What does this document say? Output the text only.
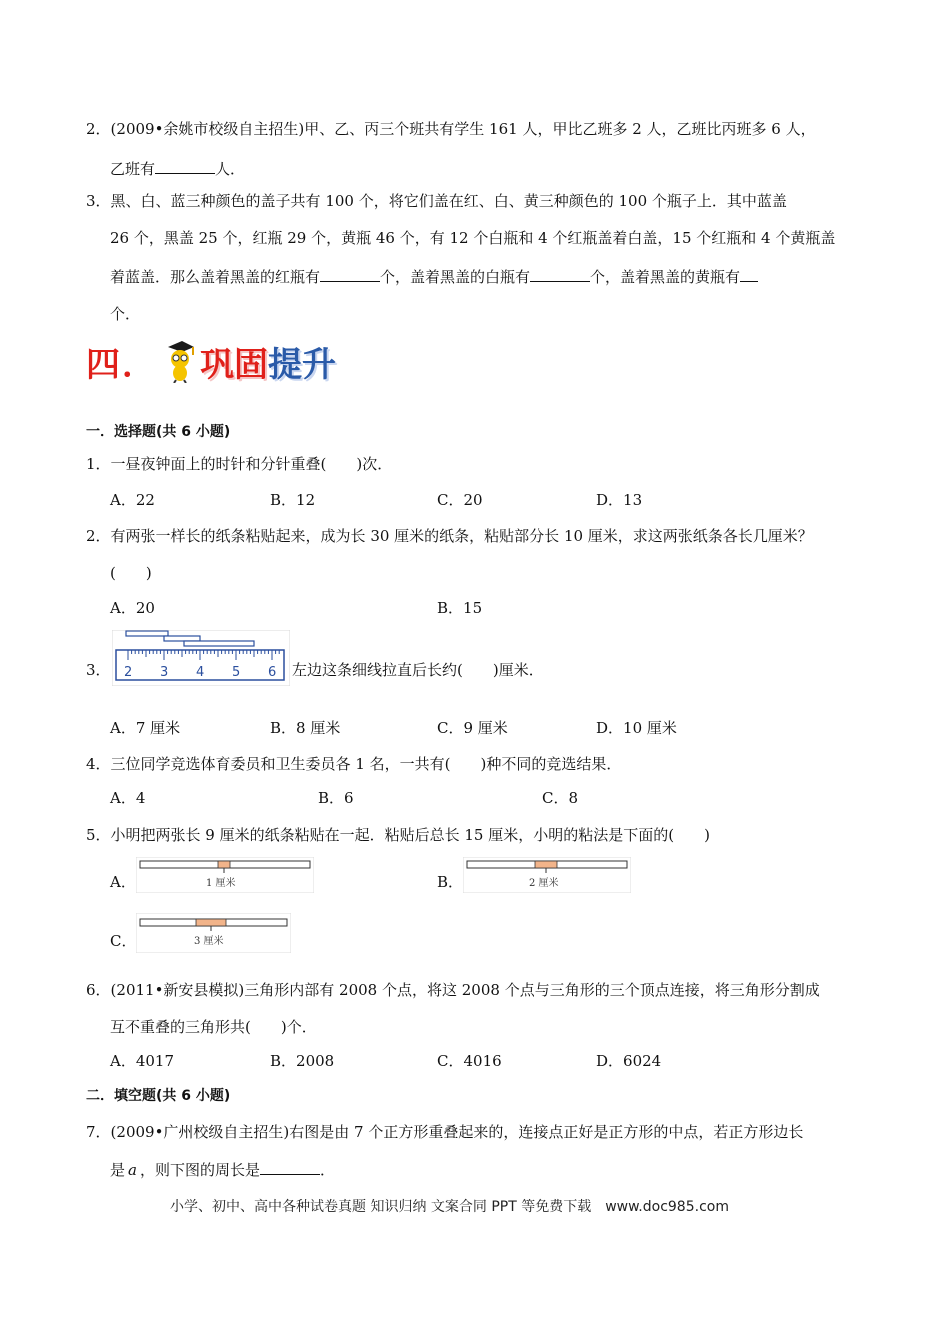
2．(2009•余姚市校级自主招生)甲、乙、丙三个班共有学生 161 人，甲比乙班多 2 人，乙班比丙班多 6 人，
乙班有	人．
3．黑、白、蓝三种颜色的盖子共有 100 个，将它们盖在红、白、黄三种颜色的 100 个瓶子上．其中蓝盖
26 个，黑盖 25 个，红瓶 29 个，黄瓶 46 个，有 12 个白瓶和 4 个红瓶盖着白盖，15 个红瓶和 4 个黄瓶盖
着蓝盖．那么盖着黑盖的红瓶有	个，盖着黑盖的白瓶有	个，盖着黑盖的黄瓶有
个．
四． 巩固 提升
一．选择题(共 6 小题)
1．一昼夜钟面上的时针和分针重叠(　　)次．
A．22	B．12	C．20	D．13
2．有两张一样长的纸条粘贴起来，成为长 30 厘米的纸条，粘贴部分长 10 厘米，求这两张纸条各长几厘米？
(　　)
A．20	B．15
3． 2 3 4 5 6 左边这条细线拉直后长约(　　)厘米．
A．7 厘米	B．8 厘米	C．9 厘米	D．10 厘米
4．三位同学竞选体育委员和卫生委员各 1 名，一共有(　　)种不同的竞选结果．
A．4	B．6	C．8
5．小明把两张长 9 厘米的纸条粘贴在一起．粘贴后总长 15 厘米，小明的粘法是下面的(　　)
A．	1 厘米	B．	2 厘米
C．	3 厘米
6．(2011•新安县模拟)三角形内部有 2008 个点，将这 2008 个点与三角形的三个顶点连接，将三角形分割成
互不重叠的三角形共(　　)个．
A．4017	B．2008	C．4016	D．6024
二．填空题(共 6 小题)
7．(2009•广州校级自主招生)右图是由 7 个正方形重叠起来的，连接点正好是正方形的中点，若正方形边长
是 a ，则下图的周长是	．
小学、初中、高中各种试卷真题 知识归纳 文案合同 PPT 等免费下载　www.doc985.com
